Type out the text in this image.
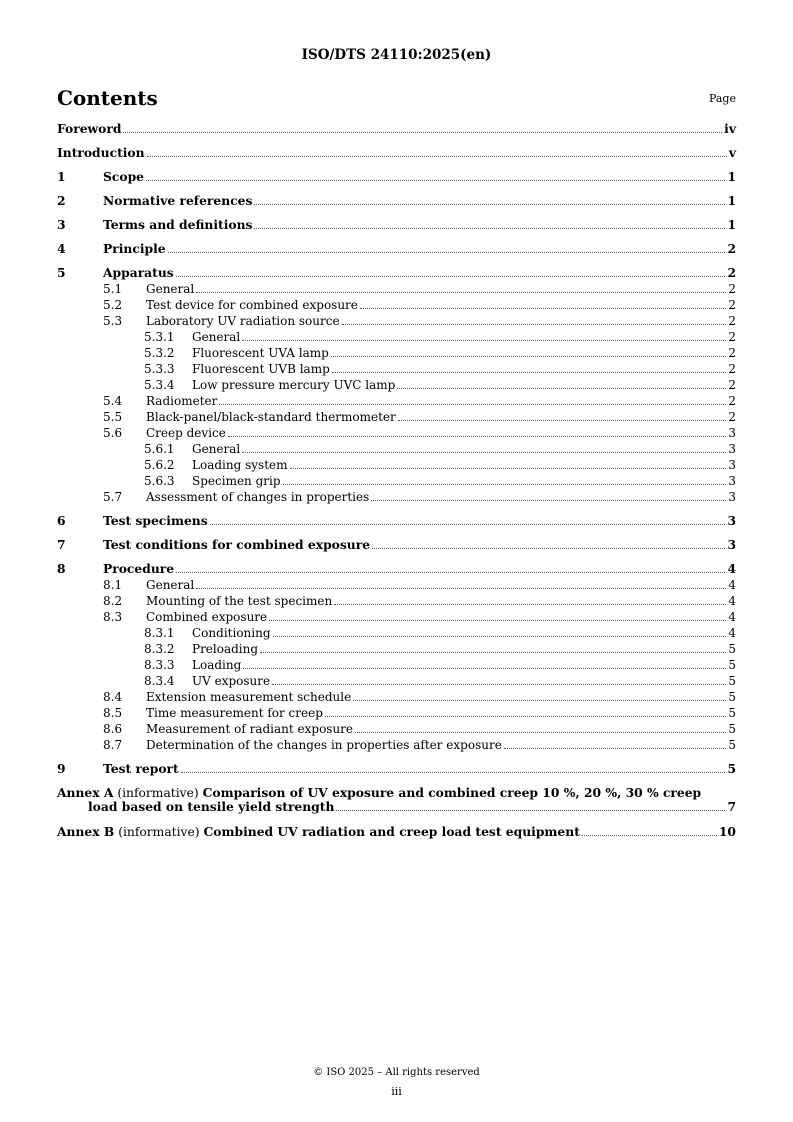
ISO/DTS 24110:2025(en)
Contents	Page
Foreword	iv
Introduction	v
1	Scope	1
2	Normative references	1
3	Terms and definitions	1
4	Principle	2
5	Apparatus	2
5.1 General	2
5.2 Test device for combined exposure	2
5.3 Laboratory UV radiation source	2
5.3.1 General	2
5.3.2 Fluorescent UVA lamp	2
5.3.3 Fluorescent UVB lamp	2
5.3.4 Low pressure mercury UVC lamp	2
5.4 Radiometer	2
5.5 Black-panel/black-standard thermometer	2
5.6 Creep device	3
5.6.1 General	3
5.6.2 Loading system	3
5.6.3 Specimen grip	3
5.7 Assessment of changes in properties	3
6	Test specimens	3
7	Test conditions for combined exposure	3
8	Procedure	4
8.1 General	4
8.2 Mounting of the test specimen	4
8.3 Combined exposure	4
8.3.1 Conditioning	4
8.3.2 Preloading	5
8.3.3 Loading	5
8.3.4 UV exposure	5
8.4 Extension measurement schedule	5
8.5 Time measurement for creep	5
8.6 Measurement of radiant exposure	5
8.7 Determination of the changes in properties after exposure	5
9	Test report	5
Annex A (informative) Comparison of UV exposure and combined creep 10 %, 20 %, 30 % creep
load based on tensile yield strength	7
Annex B (informative) Combined UV radiation and creep load test equipment	10
© ISO 2025 – All rights reserved
iii
